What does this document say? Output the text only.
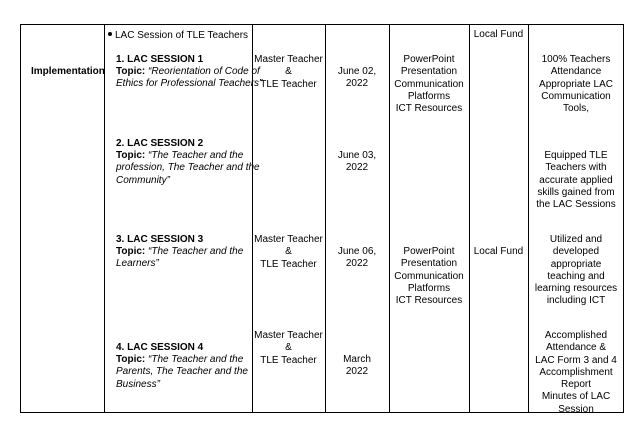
LAC Session of TLE Teachers	Local Fund
Implementation
1. LAC SESSION 1
Topic: “Reorientation of Code of
Ethics for Professional Teachers”
Master Teacher
&
TLE Teacher
June 02,
2022
PowerPoint
Presentation
Communication
Platforms
ICT Resources
100% Teachers
Attendance
Appropriate LAC
Communication
Tools,
2. LAC SESSION 2
Topic: “The Teacher and the
profession, The Teacher and the
Community”
June 03,
2022
Equipped TLE
Teachers with
accurate applied
skills gained from
the LAC Sessions
3. LAC SESSION 3
Topic: “The Teacher and the
Learners”
Master Teacher
&
TLE Teacher
June 06,
2022
PowerPoint
Presentation
Communication
Platforms
ICT Resources
Local Fund
Utilized and
developed
appropriate
teaching and
learning resources
including ICT
4. LAC SESSION 4
Topic: “The Teacher and the
Parents, The Teacher and the
Business”
Master Teacher
&
TLE Teacher	March
2022
Accomplished
Attendance &
LAC Form 3 and 4
Accomplishment
Report
Minutes of LAC
Session
